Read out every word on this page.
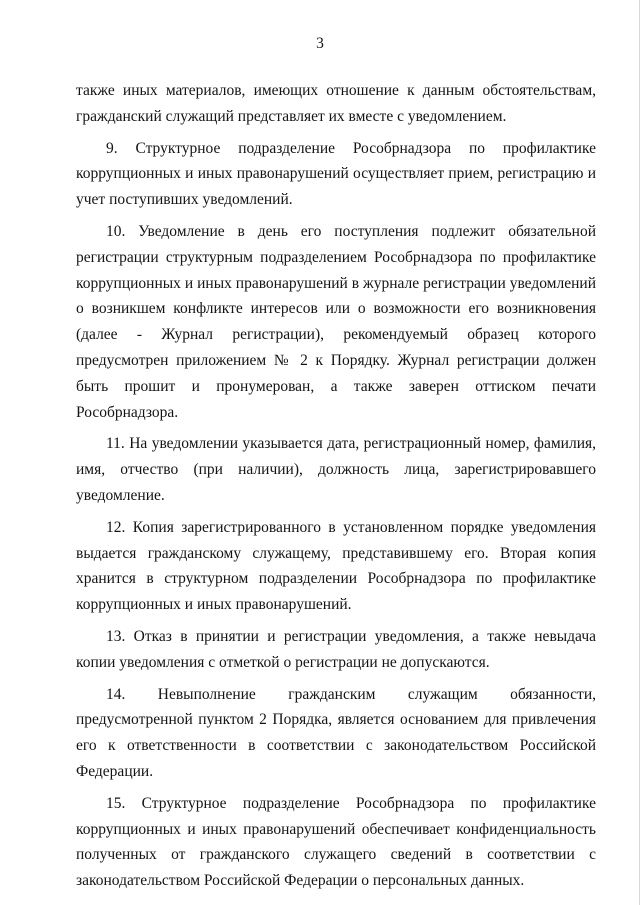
3

также иных материалов, имеющих отношение к данным обстоятельствам, гражданский служащий представляет их вместе с уведомлением.

9. Структурное подразделение Рособрнадзора по профилактике коррупционных и иных правонарушений осуществляет прием, регистрацию и учет поступивших уведомлений.

10. Уведомление в день его поступления подлежит обязательной регистрации структурным подразделением Рособрнадзора по профилактике коррупционных и иных правонарушений в журнале регистрации уведомлений о возникшем конфликте интересов или о возможности его возникновения (далее - Журнал регистрации), рекомендуемый образец которого предусмотрен приложением № 2 к Порядку. Журнал регистрации должен быть прошит и пронумерован, а также заверен оттиском печати Рособрнадзора.

11. На уведомлении указывается дата, регистрационный номер, фамилия, имя, отчество (при наличии), должность лица, зарегистрировавшего уведомление.

12. Копия зарегистрированного в установленном порядке уведомления выдается гражданскому служащему, представившему его. Вторая копия хранится в структурном подразделении Рособрнадзора по профилактике коррупционных и иных правонарушений.

13. Отказ в принятии и регистрации уведомления, а также невыдача копии уведомления с отметкой о регистрации не допускаются.

14. Невыполнение гражданским служащим обязанности, предусмотренной пунктом 2 Порядка, является основанием для привлечения его к ответственности в соответствии с законодательством Российской Федерации.

15. Структурное подразделение Рособрнадзора по профилактике коррупционных и иных правонарушений обеспечивает конфиденциальность полученных от гражданского служащего сведений в соответствии с законодательством Российской Федерации о персональных данных.
